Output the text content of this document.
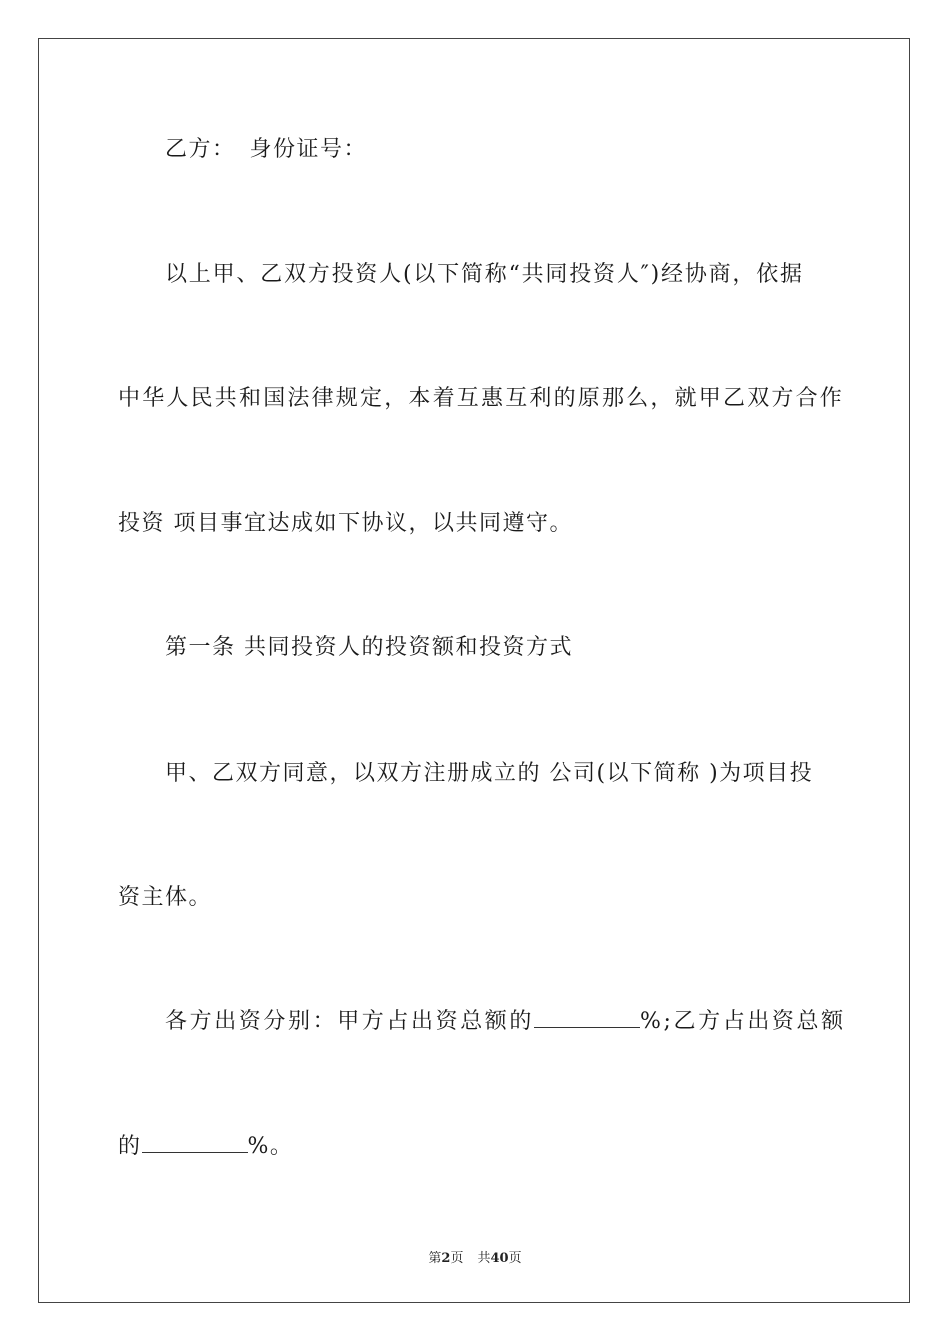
乙方： 身份证号：
以上甲、乙双方投资人(以下简称“共同投资人″)经协商，依据
中华人民共和国法律规定，本着互惠互利的原那么，就甲乙双方合作
投资 项目事宜达成如下协议，以共同遵守。
第一条 共同投资人的投资额和投资方式
甲、乙双方同意，以双方注册成立的 公司(以下简称 )为项目投
资主体。
各方出资分别：甲方占出资总额的	%;乙方占出资总额
的	%。
第2页 共40页
